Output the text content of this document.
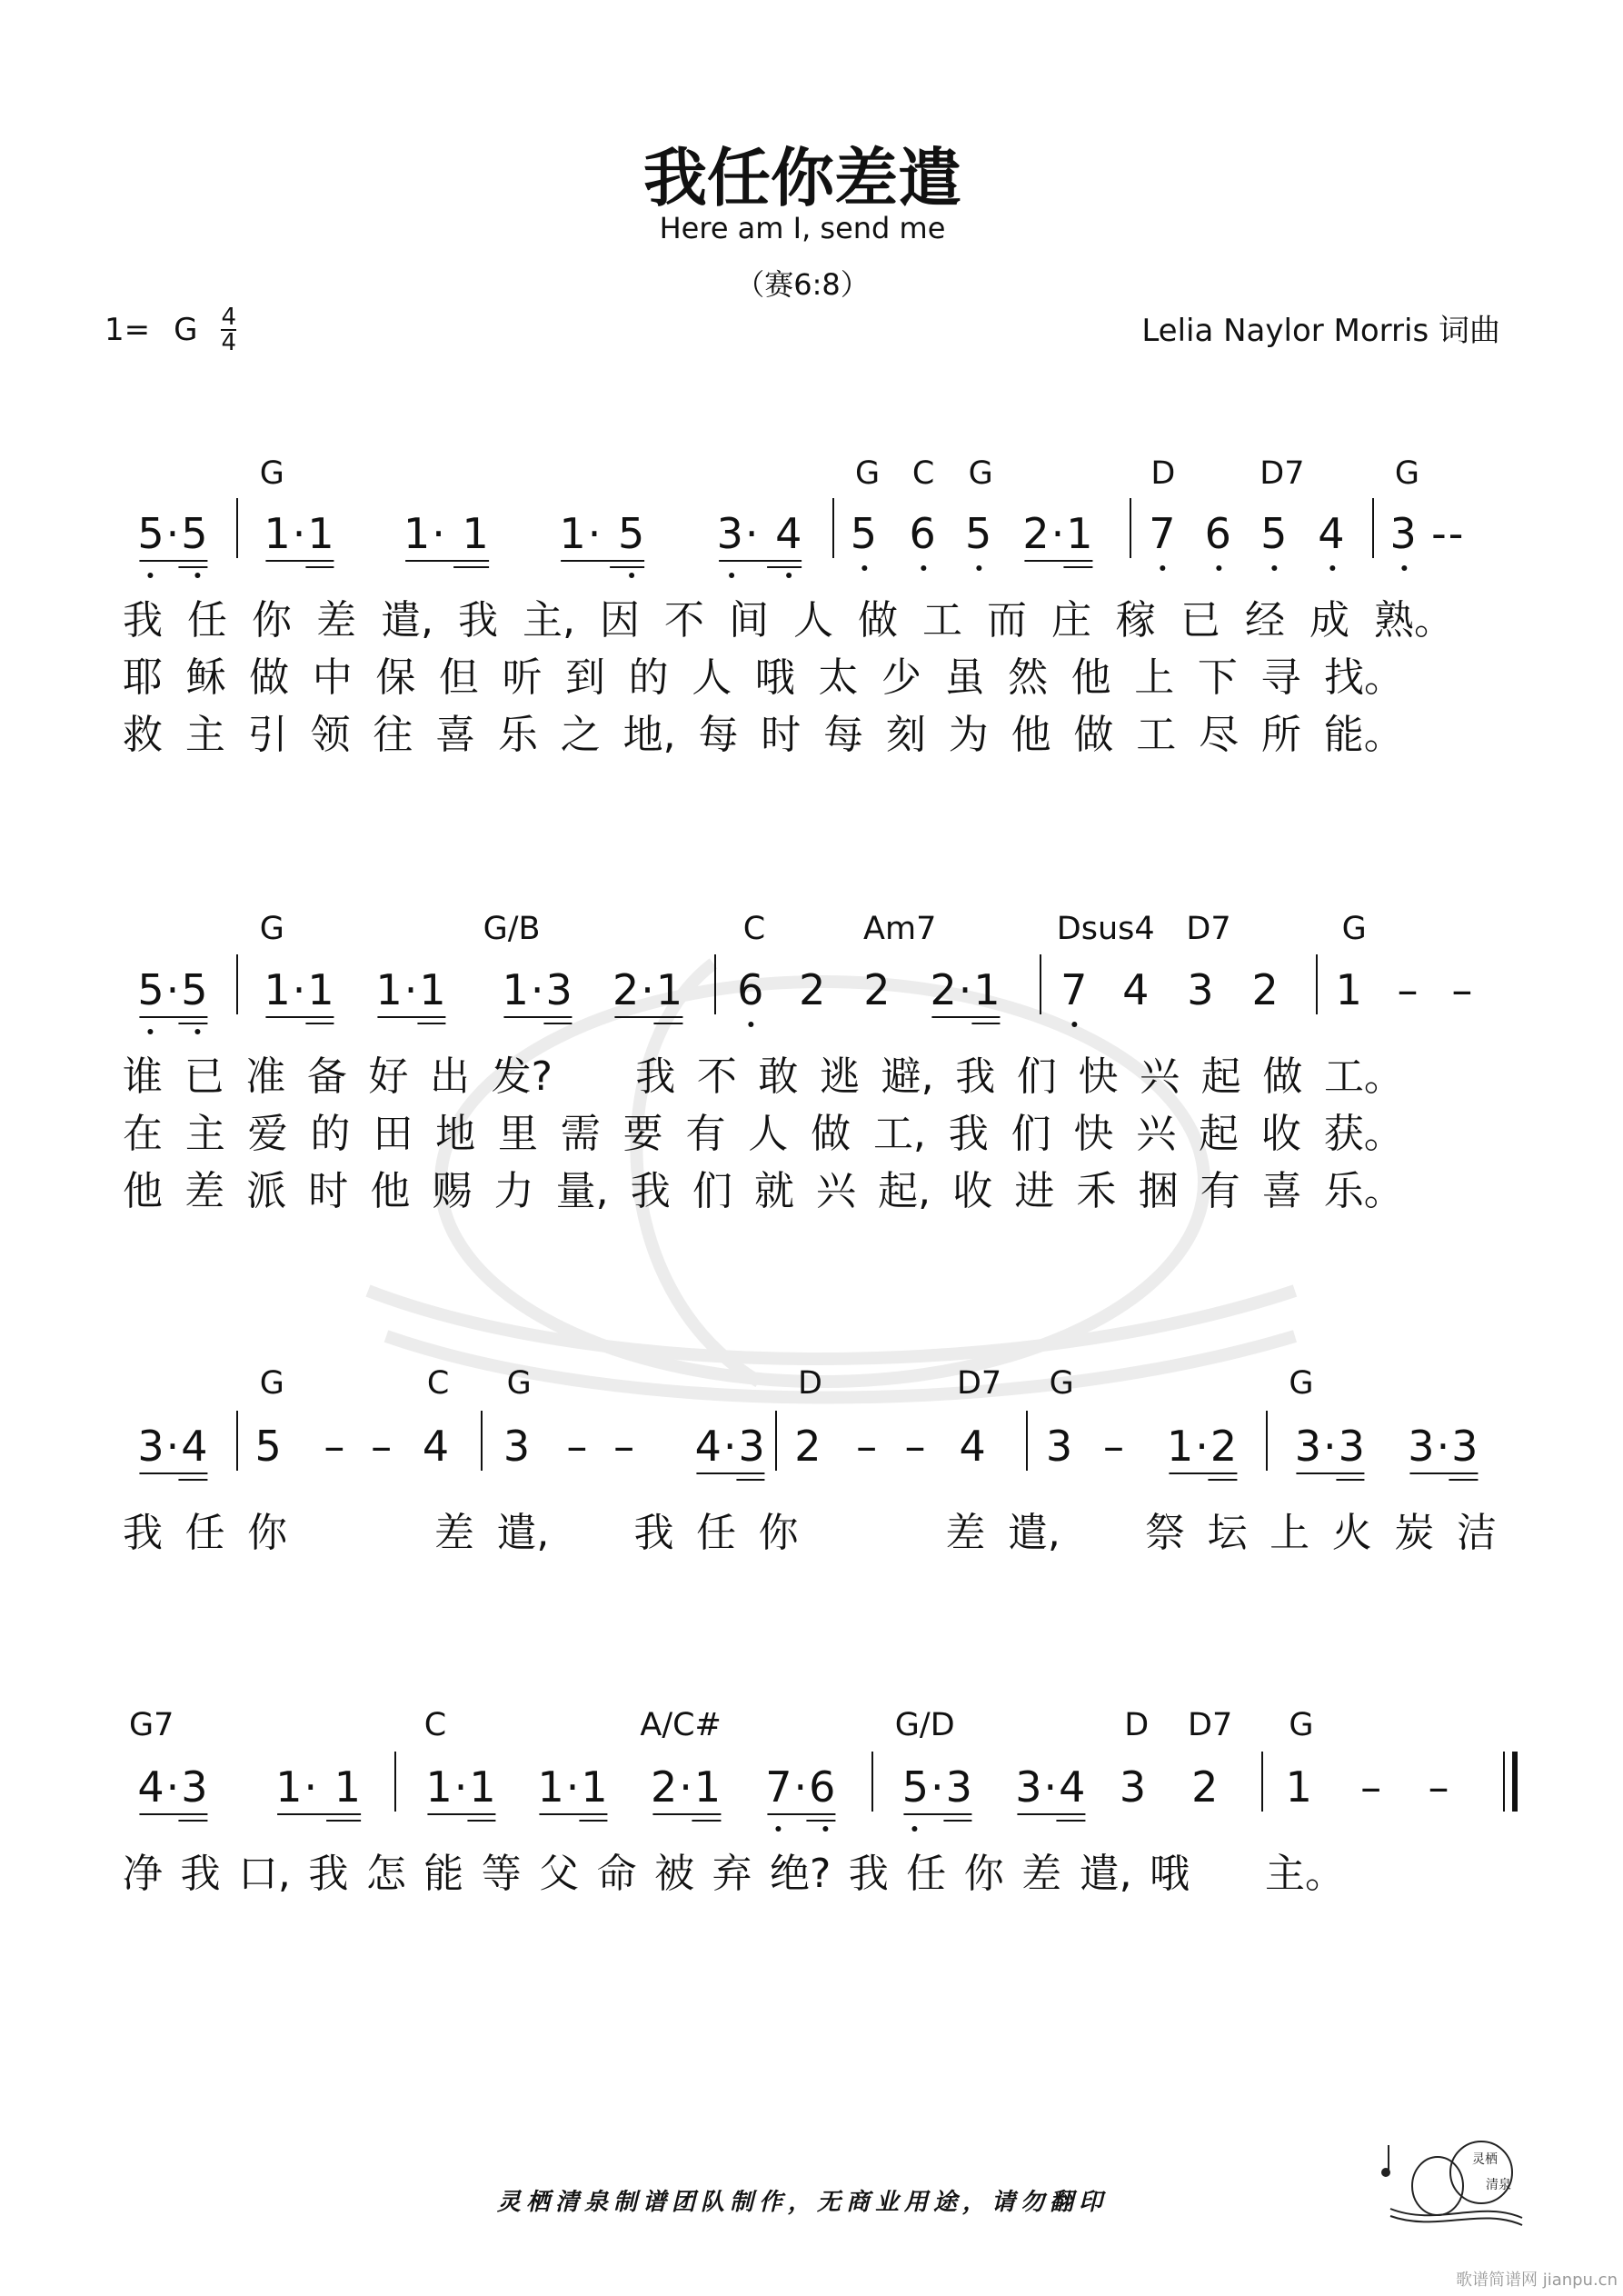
我任你差遣
Here am I, send me
（赛6:8）
1= G 4
4	Lelia Naylor Morris 词曲
G	G C G	D	D7	G
5·5 1·1 1· 1 1· 5 3· 4 5 6 5 2·1 7 6 5 4 3 --
我 任 你 差 遣, 我 主, 因 不 间 人 做 工 而 庄 稼 已 经 成 熟。
耶 稣 做 中 保 但 听 到 的 人 哦 太 少 虽 然 他 上 下 寻 找。
救 主 引 领 往 喜 乐 之 地, 每 时 每 刻 为 他 做 工 尽 所 能。
G	G/B	C	Am7	Dsus4 D7	G
5·5 1·1 1·1 1·3 2·1 6 2 2 2·1 7 4 3 2 1 – –
谁 已 准 备 好 出 发?
　 我 不 敢 逃 避, 我 们 快 兴 起 做 工。
在 主 爱 的 田 地 里 需 要 有 人 做 工, 我 们 快 兴 起 收 获。
他 差 派 时 他 赐 力 量, 我 们 就 兴 起, 收 进 禾 捆 有 喜 乐。
G	C G	D	D7 G	G
3·4 5 – – 4 3 – – 4·3 2 – – 4 3 – 1·2 3·3 3·3
我 任 你

　	差 遣,
　 我 任 你

　	差 遣,
　 祭 坛 上 火 炭 洁
G7	C	A/C#	G/D	D D7 G
4·3 1· 1 1·1 1·1 2·1 7·6 5·3 3·4 3 2 1 – –
净 我 口, 我 怎 能 等 父 命 被 弃 绝? 我 任 你 差 遣, 哦
　 主。
灵栖清泉制谱团队制作，无商业用途，请勿翻印
灵栖
清泉
歌谱简谱网 jianpu.cn
